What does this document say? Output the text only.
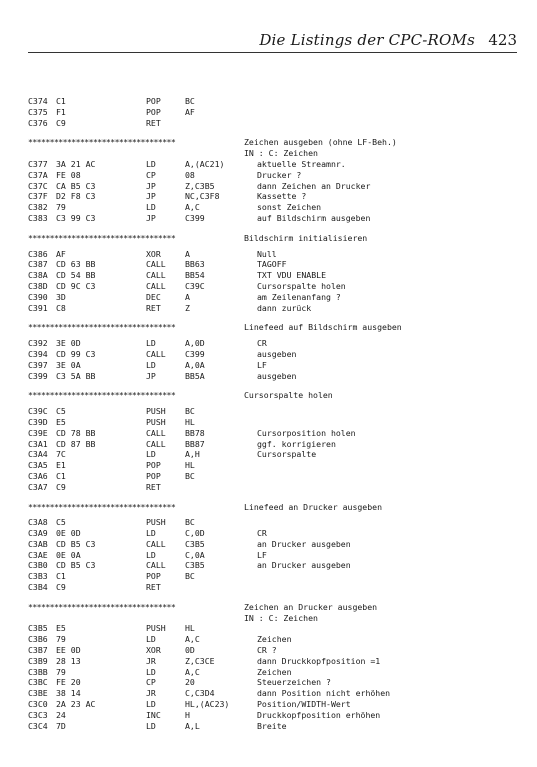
Die Listings der CPC-ROMs 423
C374 C1	POP	BC
C375 F1	POP	AF
C376 C9	RET
**********************************	Zeichen ausgeben (ohne LF-Beh.)
IN : C: Zeichen
C377 3A 21 AC	LD	A,(AC21)	aktuelle Streamnr.
C37A FE 08	CP	08	Drucker ?
C37C CA B5 C3	JP	Z,C3B5	dann Zeichen an Drucker
C37F D2 F8 C3	JP	NC,C3F8	Kassette ?
C382 79	LD	A,C	sonst Zeichen
C383 C3 99 C3	JP	C399	auf Bildschirm ausgeben
**********************************	Bildschirm initialisieren
C386 AF	XOR	A	Null
C387 CD 63 BB	CALL BB63	TAGOFF
C38A CD 54 BB	CALL BB54	TXT VDU ENABLE
C38D CD 9C C3	CALL C39C	Cursorspalte holen
C390 3D	DEC	A	am Zeilenanfang ?
C391 C8	RET	Z	dann zurück
**********************************	Linefeed auf Bildschirm ausgeben
C392 3E 0D	LD	A,0D	CR
C394 CD 99 C3	CALL C399	ausgeben
C397 3E 0A	LD	A,0A	LF
C399 C3 5A BB	JP	BB5A	ausgeben
**********************************	Cursorspalte holen
C39C C5	PUSH BC
C39D E5	PUSH HL
C39E CD 78 BB	CALL BB78	Cursorposition holen
C3A1 CD 87 BB	CALL BB87	ggf. korrigieren
C3A4 7C	LD	A,H	Cursorspalte
C3A5 E1	POP	HL
C3A6 C1	POP	BC
C3A7 C9	RET
**********************************	Linefeed an Drucker ausgeben
C3A8 C5	PUSH BC
C3A9 0E 0D	LD	C,0D	CR
C3AB CD B5 C3	CALL C3B5	an Drucker ausgeben
C3AE 0E 0A	LD	C,0A	LF
C3B0 CD B5 C3	CALL C3B5	an Drucker ausgeben
C3B3 C1	POP	BC
C3B4 C9	RET
**********************************	Zeichen an Drucker ausgeben
IN : C: Zeichen
C3B5 E5	PUSH HL
C3B6 79	LD	A,C	Zeichen
C3B7 EE 0D	XOR	0D	CR ?
C3B9 28 13	JR	Z,C3CE	dann Druckkopfposition =1
C3BB 79	LD	A,C	Zeichen
C3BC FE 20	CP	20	Steuerzeichen ?
C3BE 38 14	JR	C,C3D4	dann Position nicht erhöhen
C3C0 2A 23 AC	LD	HL,(AC23)	Position/WIDTH-Wert
C3C3 24	INC	H	Druckkopfposition erhöhen
C3C4 7D	LD	A,L	Breite
